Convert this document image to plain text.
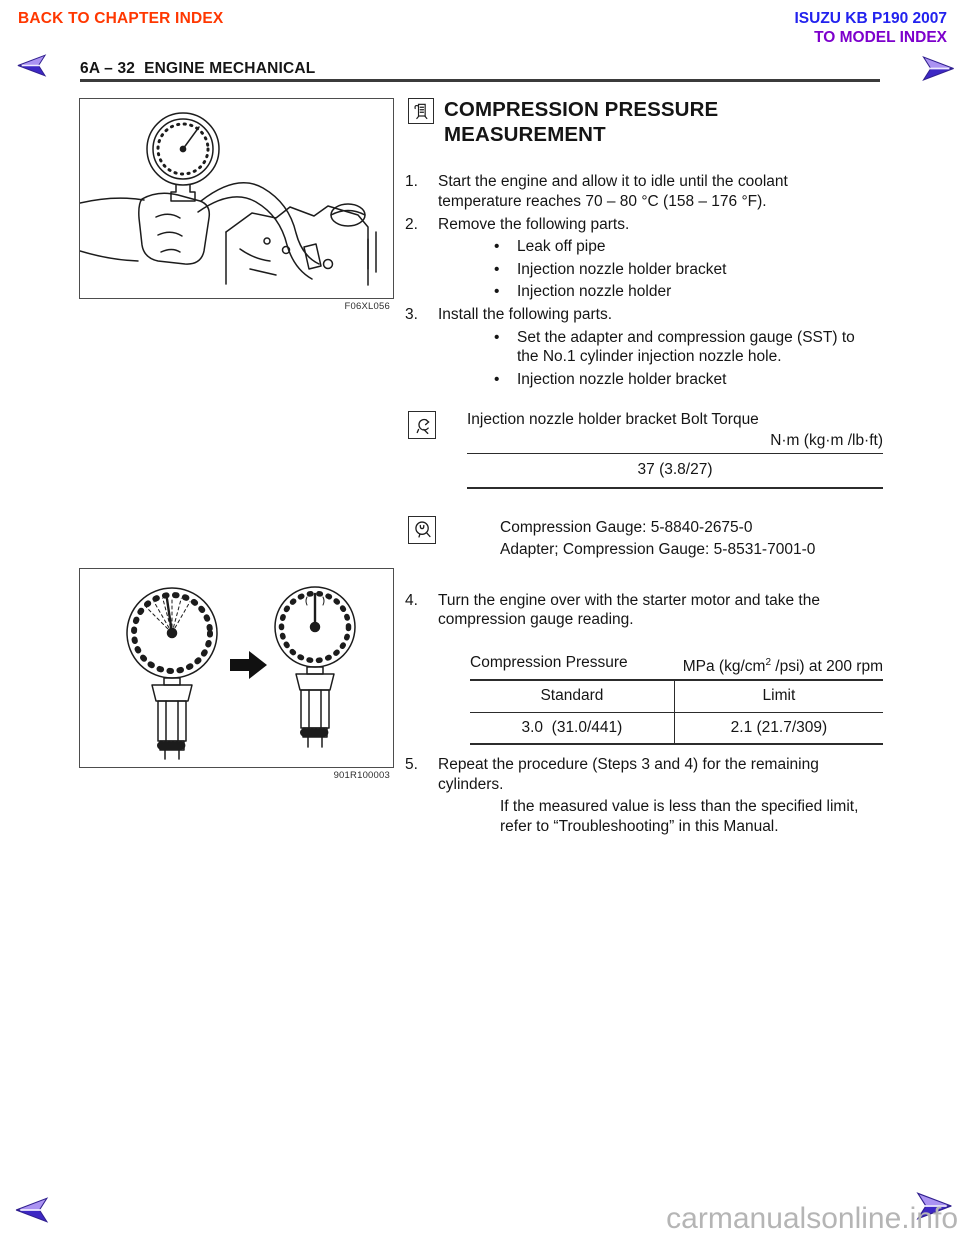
BACK TO CHAPTER INDEX	ISUZU KB P190 2007
TO MODEL INDEX
6A – 32  ENGINE MECHANICAL
F06XL056
901R100003
COMPRESSION PRESSURE
MEASUREMENT
1.	Start the engine and allow it to idle until the coolant temperature reaches 70 – 80 °C (158 – 176 °F).
2.	Remove the following parts.
•	Leak off pipe
•	Injection nozzle holder bracket
•	Injection nozzle holder
3.	Install the following parts.
•	Set the adapter and compression gauge (SST) to the No.1 cylinder injection nozzle hole.
•	Injection nozzle holder bracket
Injection nozzle holder bracket Bolt Torque
N·m (kg·m /lb·ft)
37 (3.8/27)
Compression Gauge: 5-8840-2675-0
Adapter; Compression Gauge: 5-8531-7001-0
4.	Turn the engine over with the starter motor and take the compression gauge reading.
Compression Pressure	MPa ($kg/cm^2$ /psi) at 200 rpm
Standard	Limit
3.0  (31.0/441)	2.1 (21.7/309)
5.	Repeat the procedure (Steps 3 and 4) for the remaining cylinders.
If the measured value is less than the specified limit, refer to “Troubleshooting” in this Manual.
carmanualsonline.info
